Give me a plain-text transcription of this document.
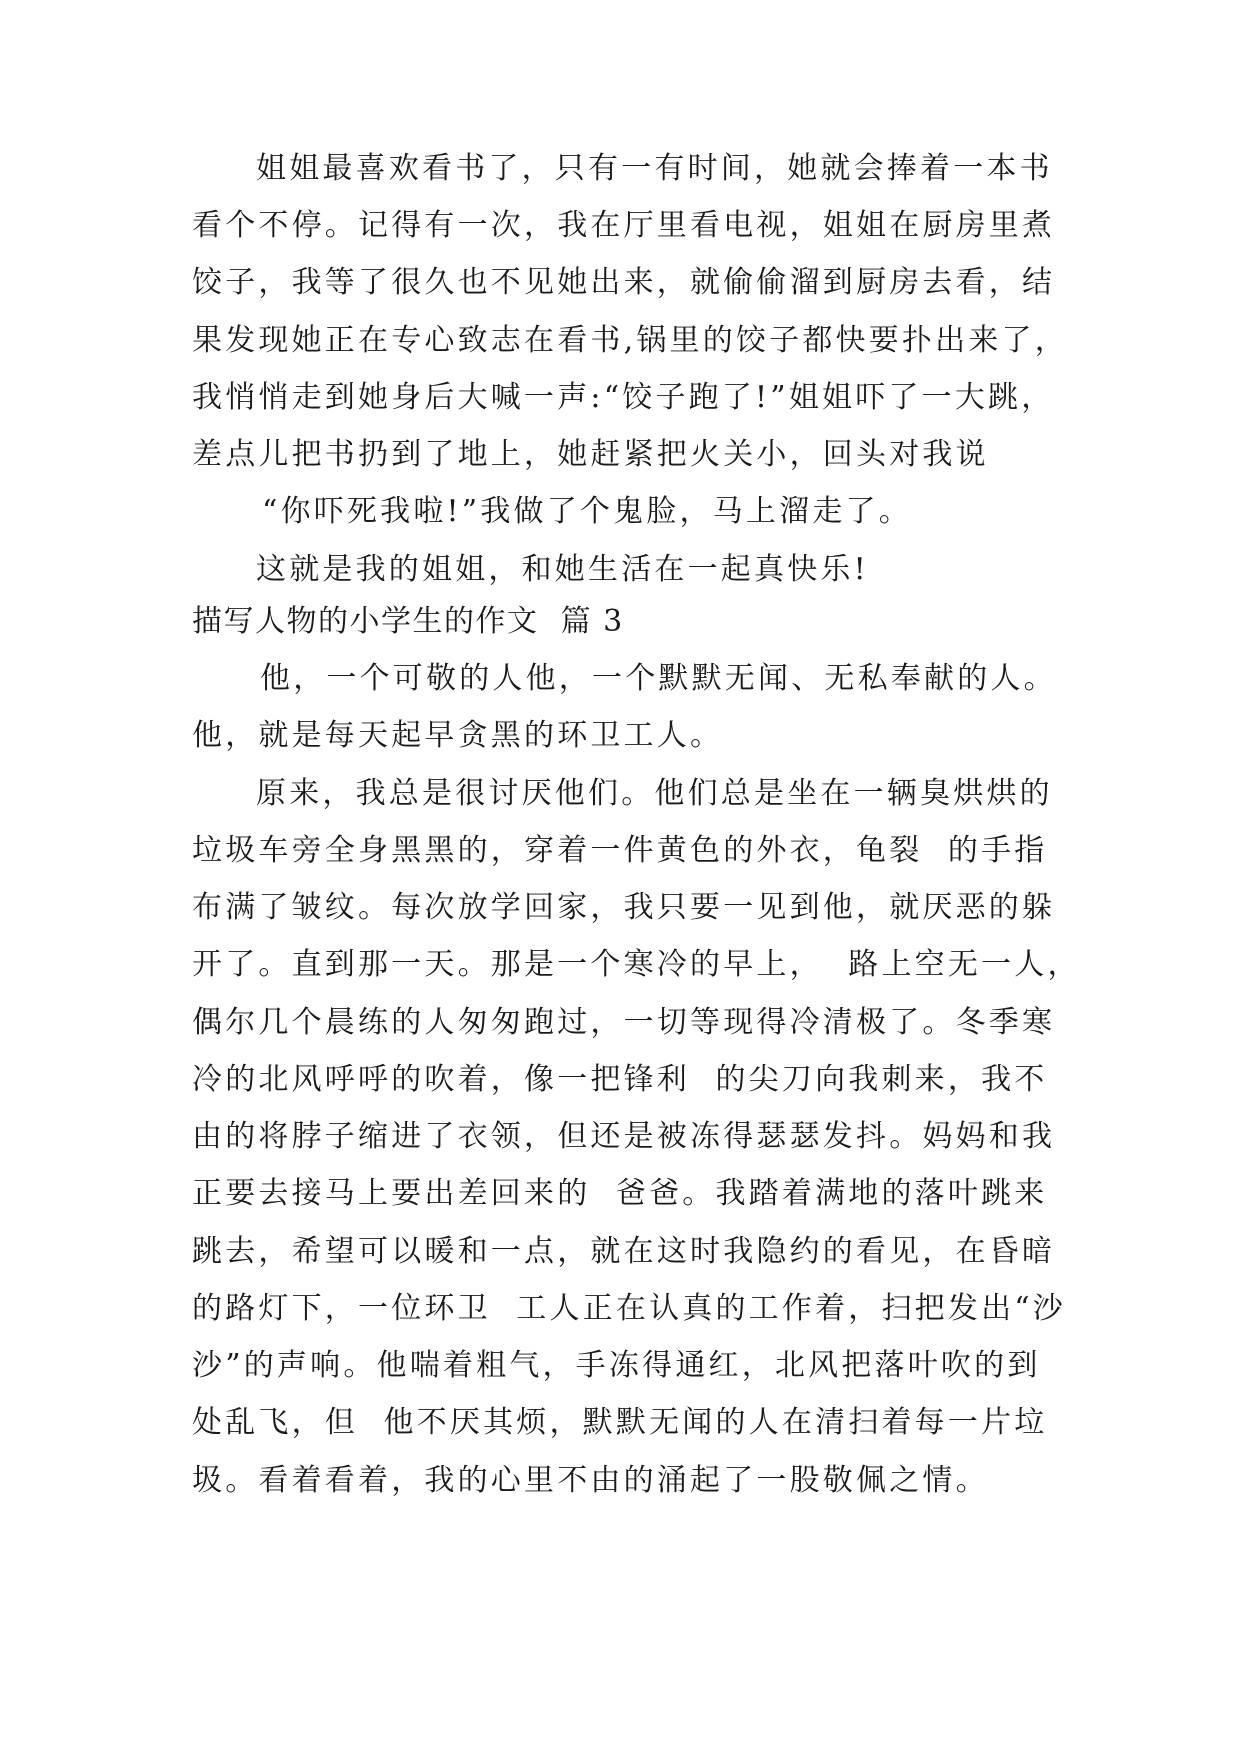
姐姐最喜欢看书了，只有一有时间，她就会捧着一本书
看个不停。记得有一次，我在厅里看电视，姐姐在厨房里煮
饺子，我等了很久也不见她出来，就偷偷溜到厨房去看，结
果发现她正在专心致志在看书,锅里的饺子都快要扑出来了，
我悄悄走到她身后大喊一声:“饺子跑了!”姐姐吓了一大跳，
差点儿把书扔到了地上，她赶紧把火关小，回头对我说
“你吓死我啦!”我做了个鬼脸，马上溜走了。
这就是我的姐姐，和她生活在一起真快乐!
描写人物的小学生的作文  篇 3
他，一个可敬的人他，一个默默无闻、无私奉献的人。
他，就是每天起早贪黑的环卫工人。
原来，我总是很讨厌他们。他们总是坐在一辆臭烘烘的
垃圾车旁全身黑黑的，穿着一件黄色的外衣，龟裂  的手指
布满了皱纹。每次放学回家，我只要一见到他，就厌恶的躲
开了。直到那一天。那是一个寒冷的早上，  路上空无一人，
偶尔几个晨练的人匆匆跑过，一切等现得冷清极了。冬季寒
冷的北风呼呼的吹着，像一把锋利  的尖刀向我刺来，我不
由的将脖子缩进了衣领，但还是被冻得瑟瑟发抖。妈妈和我
正要去接马上要出差回来的  爸爸。我踏着满地的落叶跳来
跳去，希望可以暖和一点，就在这时我隐约的看见，在昏暗
的路灯下，一位环卫  工人正在认真的工作着，扫把发出“沙
沙”的声响。他喘着粗气，手冻得通红，北风把落叶吹的到
处乱飞，但  他不厌其烦，默默无闻的人在清扫着每一片垃
圾。看着看着，我的心里不由的涌起了一股敬佩之情。
